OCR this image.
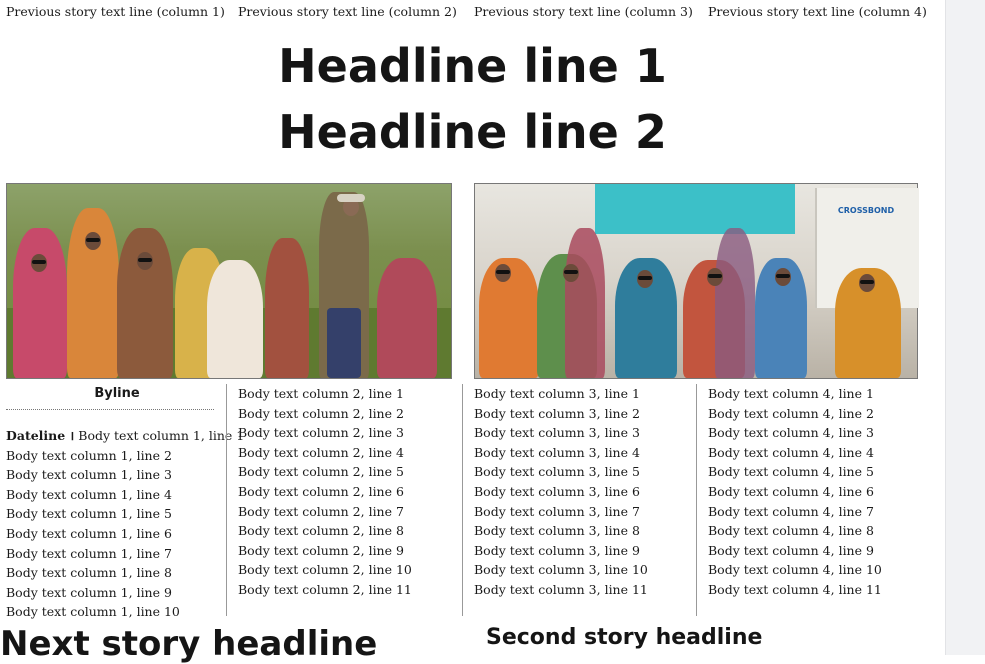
Previous story text line (column 1) Previous story text line (column 2) Previous story text line (column 3) Previous story text line (column 4)
Headline line 1
Headline line 2
CROSSBOND
Byline
Dateline । Body text column 1, line 1
Body text column 1, line 2
Body text column 1, line 3
Body text column 1, line 4
Body text column 1, line 5
Body text column 1, line 6
Body text column 1, line 7
Body text column 1, line 8
Body text column 1, line 9
Body text column 1, line 10
Body text column 2, line 1
Body text column 2, line 2
Body text column 2, line 3
Body text column 2, line 4
Body text column 2, line 5
Body text column 2, line 6
Body text column 2, line 7
Body text column 2, line 8
Body text column 2, line 9
Body text column 2, line 10
Body text column 2, line 11
Body text column 3, line 1
Body text column 3, line 2
Body text column 3, line 3
Body text column 3, line 4
Body text column 3, line 5
Body text column 3, line 6
Body text column 3, line 7
Body text column 3, line 8
Body text column 3, line 9
Body text column 3, line 10
Body text column 3, line 11
Body text column 4, line 1
Body text column 4, line 2
Body text column 4, line 3
Body text column 4, line 4
Body text column 4, line 5
Body text column 4, line 6
Body text column 4, line 7
Body text column 4, line 8
Body text column 4, line 9
Body text column 4, line 10
Body text column 4, line 11
Next story headline	Second story headline
